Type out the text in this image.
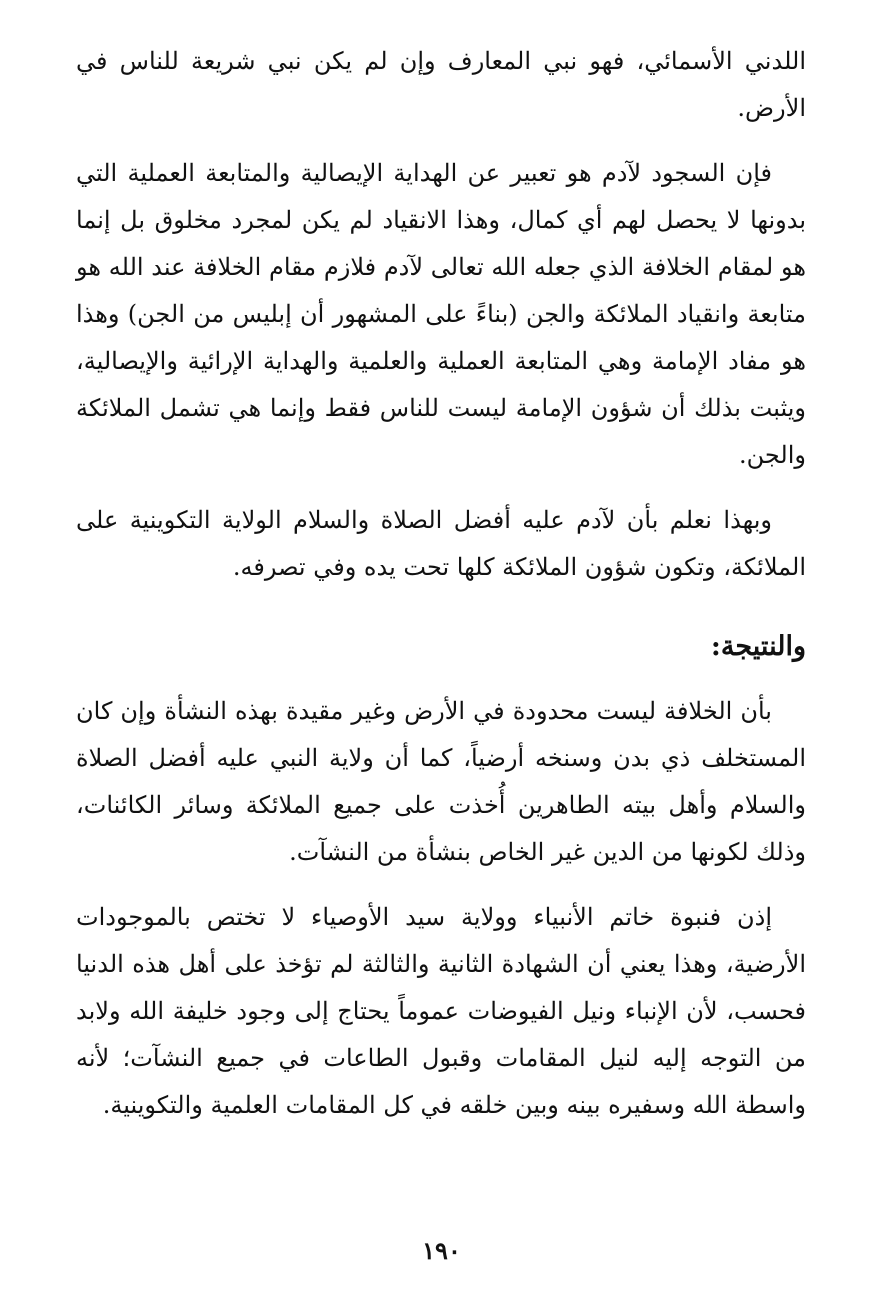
اللدني الأسمائي، فهو نبي المعارف وإن لم يكن نبي شريعة للناس في الأرض.

فإن السجود لآدم هو تعبير عن الهداية الإيصالية والمتابعة العملية التي بدونها لا يحصل لهم أي كمال، وهذا الانقياد لم يكن لمجرد مخلوق بل إنما هو لمقام الخلافة الذي جعله الله تعالى لآدم فلازم مقام الخلافة عند الله هو متابعة وانقياد الملائكة والجن (بناءً على المشهور أن إبليس من الجن) وهذا هو مفاد الإمامة وهي المتابعة العملية والعلمية والهداية الإرائية والإيصالية، ويثبت بذلك أن شؤون الإمامة ليست للناس فقط وإنما هي تشمل الملائكة والجن.

وبهذا نعلم بأن لآدم عليه أفضل الصلاة والسلام الولاية التكوينية على الملائكة، وتكون شؤون الملائكة كلها تحت يده وفي تصرفه.

والنتيجة:

بأن الخلافة ليست محدودة في الأرض وغير مقيدة بهذه النشأة وإن كان المستخلف ذي بدن وسنخه أرضياً، كما أن ولاية النبي عليه أفضل الصلاة والسلام وأهل بيته الطاهرين أُخذت على جميع الملائكة وسائر الكائنات، وذلك لكونها من الدين غير الخاص بنشأة من النشآت.

إذن فنبوة خاتم الأنبياء وولاية سيد الأوصياء لا تختص بالموجودات الأرضية، وهذا يعني أن الشهادة الثانية والثالثة لم تؤخذ على أهل هذه الدنيا فحسب، لأن الإنباء ونيل الفيوضات عموماً يحتاج إلى وجود خليفة الله ولابد من التوجه إليه لنيل المقامات وقبول الطاعات في جميع النشآت؛ لأنه واسطة الله وسفيره بينه وبين خلقه في كل المقامات العلمية والتكوينية.

١٩٠
